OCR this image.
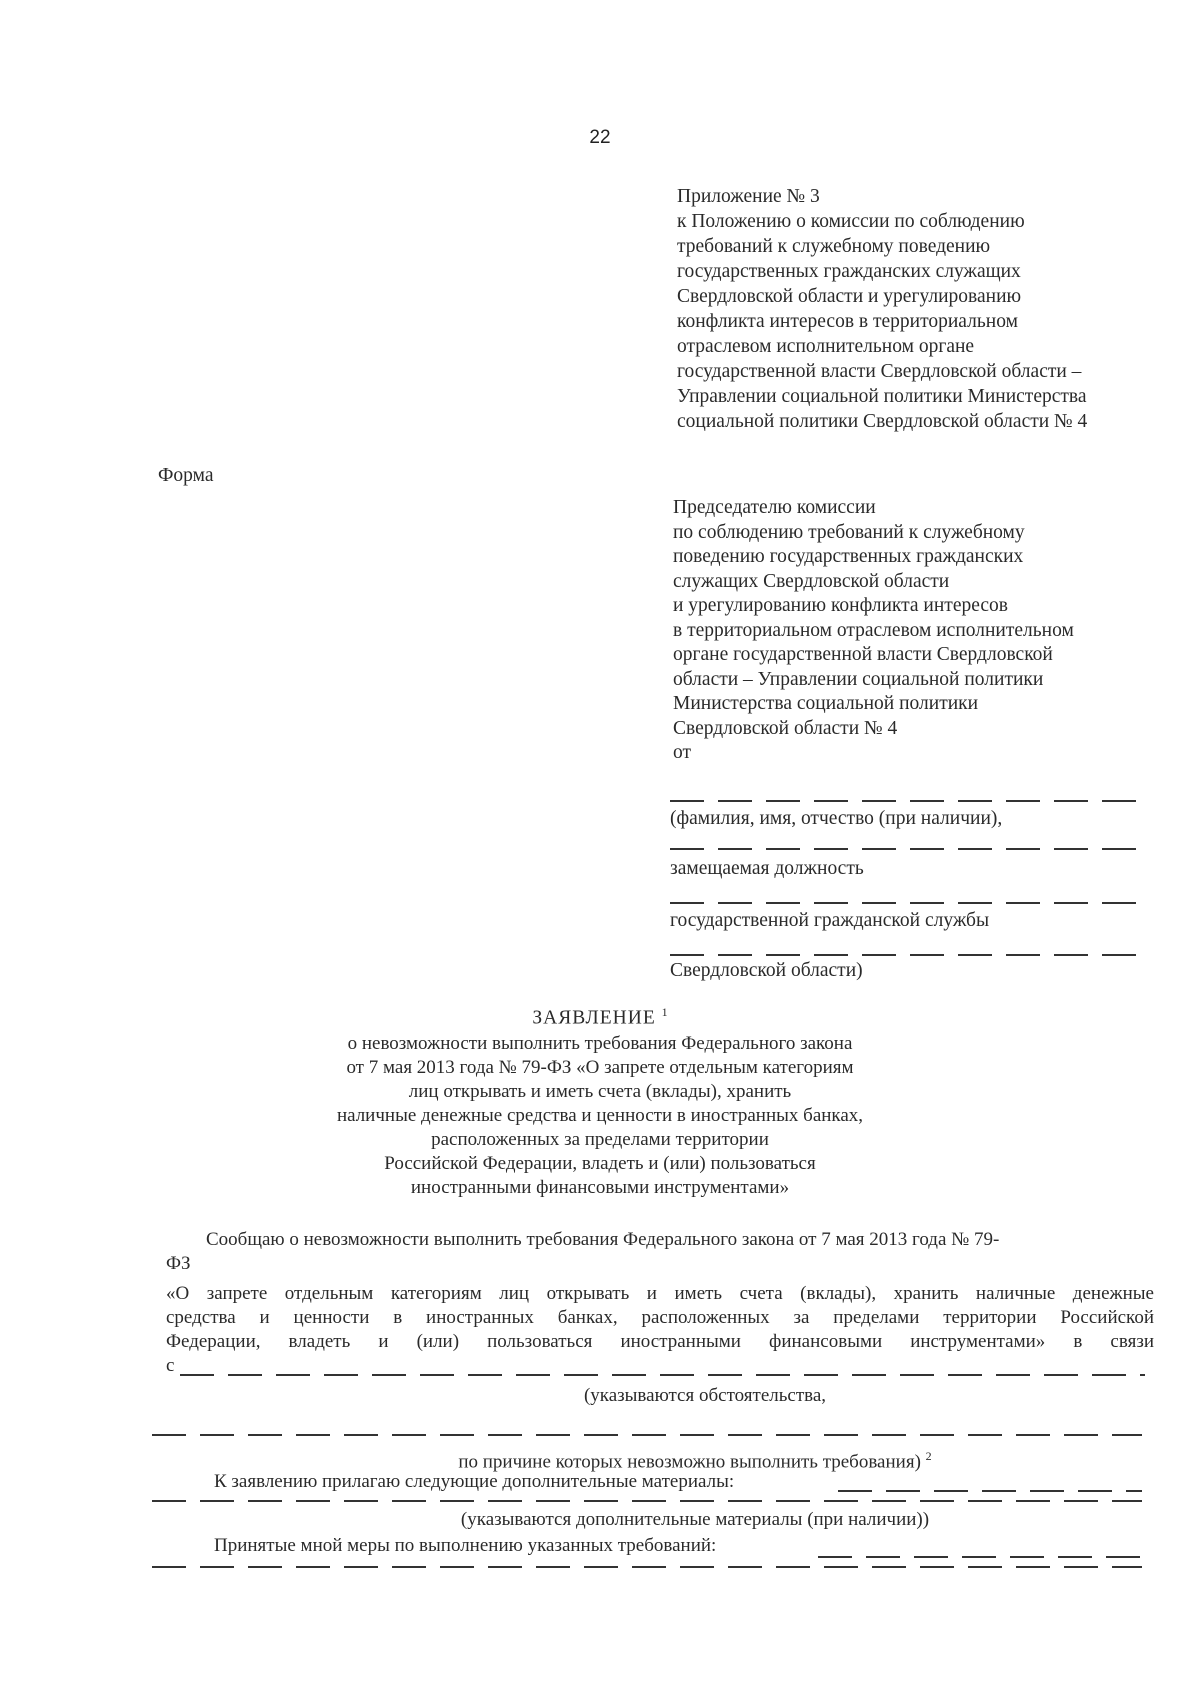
22
Приложение № 3
к Положению о комиссии по соблюдению
требований к служебному поведению
государственных гражданских служащих
Свердловской области и урегулированию
конфликта интересов в территориальном
отраслевом исполнительном органе
государственной власти Свердловской области –
Управлении социальной политики Министерства
социальной политики Свердловской области № 4
Форма
Председателю комиссии
по соблюдению требований к служебному
поведению государственных гражданских
служащих Свердловской области
и урегулированию конфликта интересов
в территориальном отраслевом исполнительном
органе государственной власти Свердловской
области – Управлении социальной политики
Министерства социальной политики
Свердловской области № 4
от
(фамилия, имя, отчество (при наличии),
замещаемая должность
государственной гражданской службы
Свердловской области)
ЗАЯВЛЕНИЕ $^1$
о невозможности выполнить требования Федерального закона
от 7 мая 2013 года № 79-ФЗ «О запрете отдельным категориям
лиц открывать и иметь счета (вклады), хранить
наличные денежные средства и ценности в иностранных банках,
расположенных за пределами территории
Российской Федерации, владеть и (или) пользоваться
иностранными финансовыми инструментами»
Сообщаю о невозможности выполнить требования Федерального закона от 7 мая 2013 года № 79-
ФЗ
«О запрете отдельным категориям лиц открывать и иметь счета (вклады), хранить наличные денежные
средства и ценности в иностранных банках, расположенных за пределами территории Российской
Федерации, владеть и (или) пользоваться иностранными финансовыми инструментами» в связи
с
(указываются обстоятельства,
по причине которых невозможно выполнить требования) $^2$
К заявлению прилагаю следующие дополнительные материалы:
(указываются дополнительные материалы (при наличии))
Принятые мной меры по выполнению указанных требований:
